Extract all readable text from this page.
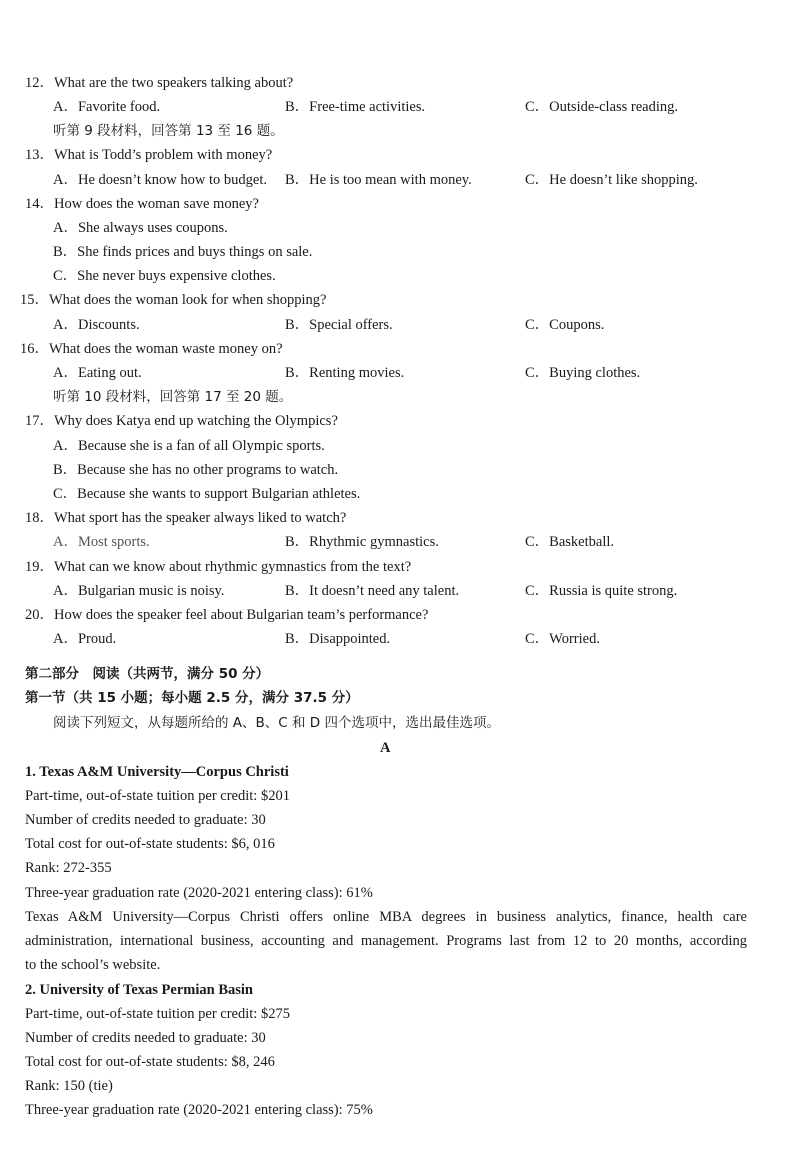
12．What are the two speakers talking about?
A．Favorite food.	B．Free-time activities.	C．Outside-class reading.
听第 9 段材料，回答第 13 至 16 题。
13．What is Todd’s problem with money?
A．He doesn’t know how to budget. B．He is too mean with money.	C．He doesn’t like shopping.
14．How does the woman save money?
A．She always uses coupons.
B．She finds prices and buys things on sale.
C．She never buys expensive clothes.
15．What does the woman look for when shopping?
A．Discounts.	B．Special offers.	C．Coupons.
16．What does the woman waste money on?
A．Eating out.	B．Renting movies.	C．Buying clothes.
听第 10 段材料，回答第 17 至 20 题。
17．Why does Katya end up watching the Olympics?
A．Because she is a fan of all Olympic sports.
B．Because she has no other programs to watch.
C．Because she wants to support Bulgarian athletes.
18．What sport has the speaker always liked to watch?
A．Most sports.	B．Rhythmic gymnastics.	C．Basketball.
19．What can we know about rhythmic gymnastics from the text?
A．Bulgarian music is noisy.	B．It doesn’t need any talent.	C．Russia is quite strong.
20．How does the speaker feel about Bulgarian team’s performance?
A．Proud.	B．Disappointed.	C．Worried.
第二部分　阅读（共两节，满分 50 分）
第一节（共 15 小题；每小题 2.5 分，满分 37.5 分）
阅读下列短文，从每题所给的 A、B、C 和 D 四个选项中，选出最佳选项。
A
1. Texas A&M University—Corpus Christi
Part-time, out-of-state tuition per credit: $201
Number of credits needed to graduate: 30
Total cost for out-of-state students: $6, 016
Rank: 272-355
Three-year graduation rate (2020-2021 entering class): 61%
Texas A&M University—Corpus Christi offers online MBA degrees in business analytics, finance, health care
administration, international business, accounting and management. Programs last from 12 to 20 months, according
to the school’s website.
2. University of Texas Permian Basin
Part-time, out-of-state tuition per credit: $275
Number of credits needed to graduate: 30
Total cost for out-of-state students: $8, 246
Rank: 150 (tie)
Three-year graduation rate (2020-2021 entering class): 75%
